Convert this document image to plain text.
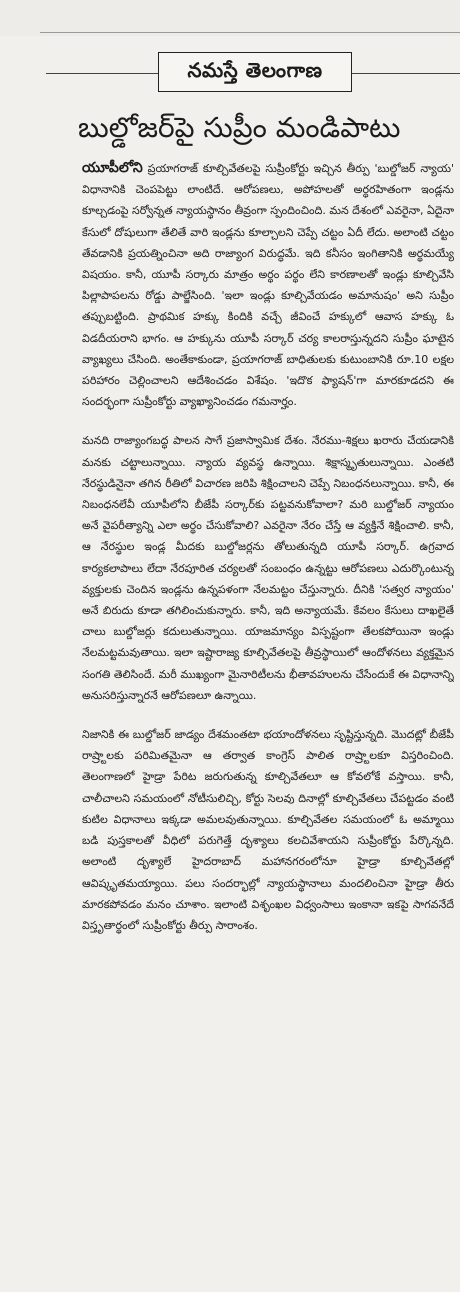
నమస్తే తెలంగాణ
బుల్డోజర్‌పై సుప్రీం మండిపాటు

యూపీలోని ప్రయాగరాజ్ కూల్చివేతలపై సుప్రీంకోర్టు ఇచ్చిన తీర్పు 'బుల్డోజర్ న్యాయ' విధానానికి చెంపపెట్టు లాంటిదే. ఆరోపణలు, అపోహలతో అర్థరహితంగా ఇండ్లను కూల్చడంపై సర్వోన్నత న్యాయస్థానం తీవ్రంగా స్పందించింది. మన దేశంలో ఎవరైనా, ఏదైనా కేసులో దోషులుగా తేలితే వారి ఇండ్లను కూల్చాలని చెప్పే చట్టం ఏదీ లేదు. అలాంటి చట్టం తేవడానికి ప్రయత్నించినా అది రాజ్యాంగ విరుద్ధమే. ఇది కనీసం ఇంగితానికి అర్థమయ్యే విషయం. కానీ, యూపీ సర్కారు మాత్రం అర్థం పర్థం లేని కారణాలతో ఇండ్లు కూల్చివేసి పిల్లాపాపలను రోడ్డు పాల్జేసింది. 'ఇలా ఇండ్లు కూల్చివేయడం అమానుషం' అని సుప్రీం తప్పుబట్టింది. ప్రాథమిక హక్కు కిందికి వచ్చే జీవించే హక్కులో ఆవాస హక్కు ఓ విడదీయరాని భాగం. ఆ హక్కును యూపీ సర్కార్ చర్య కాలరాస్తున్నదని సుప్రీం ఘాటైన వ్యాఖ్యలు చేసింది. అంతేకాకుండా, ప్రయాగరాజ్ బాధితులకు కుటుంబానికి రూ.10 లక్షల పరిహారం చెల్లించాలని ఆదేశించడం విశేషం. 'ఇదొక ఫ్యాషన్'గా మారకూడదని ఈ సందర్భంగా సుప్రీంకోర్టు వ్యాఖ్యానించడం గమనార్హం.

మనది రాజ్యాంగబద్ధ పాలన సాగే ప్రజాస్వామిక దేశం. నేరము-శిక్షలు ఖరారు చేయడానికి మనకు చట్టాలున్నాయి. న్యాయ వ్యవస్థ ఉన్నాయి. శిక్షాస్మృతులున్నాయి. ఎంతటి నేరస్థుడినైనా తగిన రీతిలో విచారణ జరిపి శిక్షించాలని చెప్పే నిబంధనలున్నాయి. కానీ, ఈ నిబంధనలేవీ యూపీలోని బీజేపీ సర్కార్‌కు పట్టవనుకోవాలా? మరి బుల్డోజర్ న్యాయం అనే వైపరీత్యాన్ని ఎలా అర్థం చేసుకోవాలి? ఎవరైనా నేరం చేస్తే ఆ వ్యక్తినే శిక్షించాలి. కానీ, ఆ నేరస్థుల ఇండ్ల మీదకు బుల్డోజర్లను తోలుతున్నది యూపీ సర్కార్. ఉగ్రవాద కార్యకలాపాలు లేదా నేరపూరిత చర్యలతో సంబంధం ఉన్నట్టు ఆరోపణలు ఎదుర్కొంటున్న వ్యక్తులకు చెందిన ఇండ్లను ఉన్నపళంగా నేలమట్టం చేస్తున్నారు. దీనికి 'సత్వర న్యాయం' అనే బిరుదు కూడా తగిలించుకున్నారు. కానీ, ఇది అన్యాయమే. కేవలం కేసులు దాఖలైతే చాలు బుల్డోజర్లు కదులుతున్నాయి. యాజమాన్యం విస్పష్టంగా తేలకపోయినా ఇండ్లు నేలమట్టమవుతాయి. ఇలా ఇష్టారాజ్య కూల్చివేతలపై తీవ్రస్థాయిలో ఆందోళనలు వ్యక్తమైన సంగతి తెలిసిందే. మరీ ముఖ్యంగా మైనారిటీలను భీతావహులను చేసేందుకే ఈ విధానాన్ని అనుసరిస్తున్నారనే ఆరోపణలూ ఉన్నాయి.

నిజానికి ఈ బుల్డోజర్ జాడ్యం దేశమంతటా భయాందోళనలు సృష్టిస్తున్నది. మొదట్లో బీజేపీ రాష్ర్టాలకు పరిమితమైనా ఆ తర్వాత కాంగ్రెస్ పాలిత రాష్ర్టాలకూ విస్తరించింది. తెలంగాణలో హైడ్రా పేరిట జరుగుతున్న కూల్చివేతలూ ఆ కోవలోకే వస్తాయి. కానీ, చాలీచాలని సమయంలో నోటీసులిచ్చి, కోర్టు సెలవు దినాల్లో కూల్చివేతలు చేపట్టడం వంటి కుటిల విధానాలు ఇక్కడా అమలవుతున్నాయి. కూల్చివేతల సమయంలో ఓ అమ్మాయి బడి పుస్తకాలతో వీధిలో పరుగెత్తే దృశ్యాలు కలచివేశాయని సుప్రీంకోర్టు పేర్కొన్నది. అలాంటి దృశ్యాలే హైదరాబాద్ మహానగరంలోనూ హైడ్రా కూల్చివేతల్లో ఆవిష్కృతమయ్యాయి. పలు సందర్భాల్లో న్యాయస్థానాలు మందలించినా హైడ్రా తీరు మారకపోవడం మనం చూశాం. ఇలాంటి విశృంఖల విధ్వంసాలు ఇంకానా ఇకపై సాగవనేదే విస్తృతార్థంలో సుప్రీంకోర్టు తీర్పు సారాంశం.
